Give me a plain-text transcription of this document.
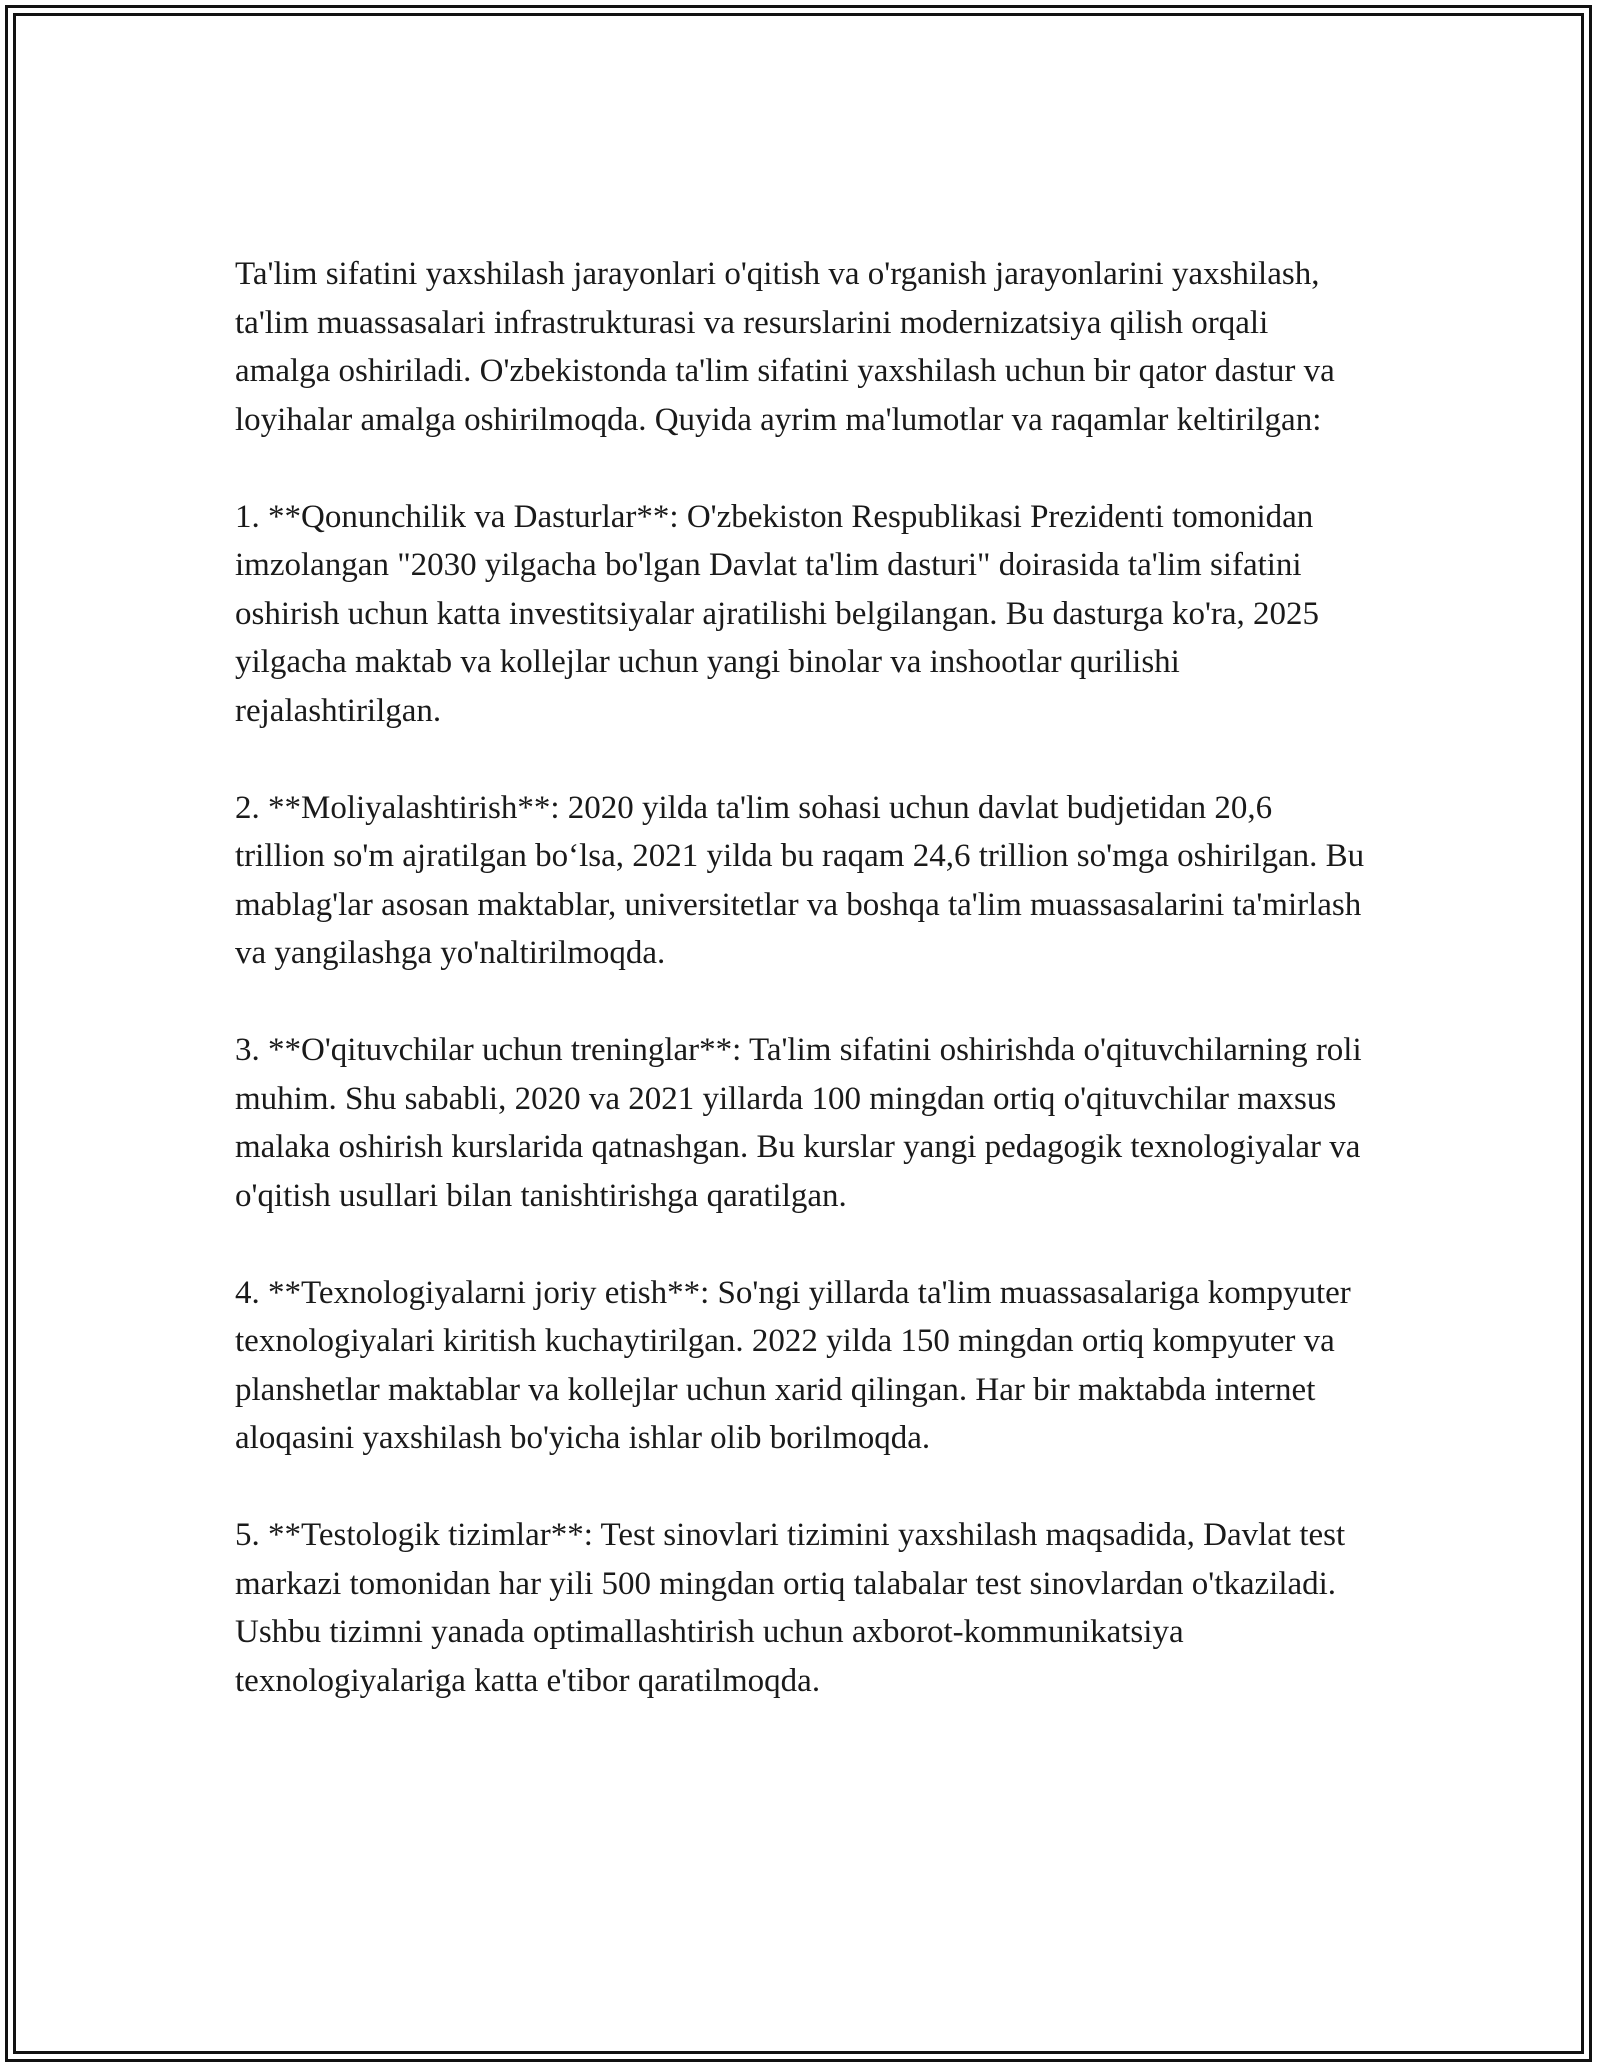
Ta'lim sifatini yaxshilash jarayonlari o'qitish va o'rganish jarayonlarini yaxshilash, ta'lim muassasalari infrastrukturasi va resurslarini modernizatsiya qilish orqali amalga oshiriladi. O'zbekistonda ta'lim sifatini yaxshilash uchun bir qator dastur va loyihalar amalga oshirilmoqda. Quyida ayrim ma'lumotlar va raqamlar keltirilgan:

1. **Qonunchilik va Dasturlar**: O'zbekiston Respublikasi Prezidenti tomonidan imzolangan "2030 yilgacha bo'lgan Davlat ta'lim dasturi" doirasida ta'lim sifatini oshirish uchun katta investitsiyalar ajratilishi belgilangan. Bu dasturga ko'ra, 2025 yilgacha maktab va kollejlar uchun yangi binolar va inshootlar qurilishi rejalashtirilgan.

2. **Moliyalashtirish**: 2020 yilda ta'lim sohasi uchun davlat budjetidan 20,6 trillion so'm ajratilgan bo‘lsa, 2021 yilda bu raqam 24,6 trillion so'mga oshirilgan. Bu mablag'lar asosan maktablar, universitetlar va boshqa ta'lim muassasalarini ta'mirlash va yangilashga yo'naltirilmoqda.

3. **O'qituvchilar uchun treninglar**: Ta'lim sifatini oshirishda o'qituvchilarning roli muhim. Shu sababli, 2020 va 2021 yillarda 100 mingdan ortiq o'qituvchilar maxsus malaka oshirish kurslarida qatnashgan. Bu kurslar yangi pedagogik texnologiyalar va o'qitish usullari bilan tanishtirishga qaratilgan.

4. **Texnologiyalarni joriy etish**: So'ngi yillarda ta'lim muassasalariga kompyuter texnologiyalari kiritish kuchaytirilgan. 2022 yilda 150 mingdan ortiq kompyuter va planshetlar maktablar va kollejlar uchun xarid qilingan. Har bir maktabda internet aloqasini yaxshilash bo'yicha ishlar olib borilmoqda.

5. **Testologik tizimlar**: Test sinovlari tizimini yaxshilash maqsadida, Davlat test markazi tomonidan har yili 500 mingdan ortiq talabalar test sinovlardan o'tkaziladi. Ushbu tizimni yanada optimallashtirish uchun axborot-kommunikatsiya texnologiyalariga katta e'tibor qaratilmoqda.
